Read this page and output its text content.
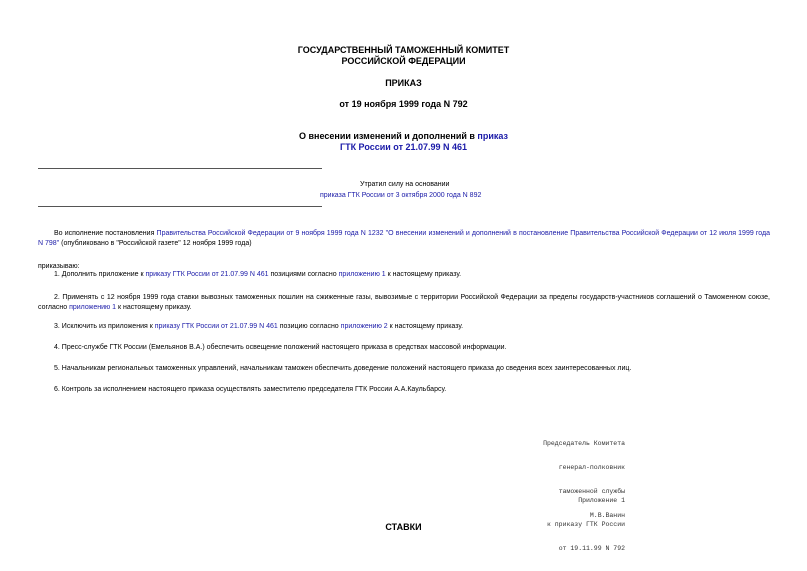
ГОСУДАРСТВЕННЫЙ ТАМОЖЕННЫЙ КОМИТЕТ
РОССИЙСКОЙ ФЕДЕРАЦИИ
ПРИКАЗ
от 19 ноября 1999 года N 792
О внесении изменений и дополнений в приказ
ГТК России от 21.07.99 N 461
Утратил силу на основании
приказа ГТК России от 3 октября 2000 года N 892
Во исполнение постановления Правительства Российской Федерации от 9 ноября 1999 года N 1232 "О внесении изменений и дополнений в постановление Правительства Российской Федерации от 12 июля 1999 года N 798" (опубликовано в "Российской газете" 12 ноября 1999 года)
приказываю:
1. Дополнить приложение к приказу ГТК России от 21.07.99 N 461 позициями согласно приложению 1 к настоящему приказу.
2. Применять с 12 ноября 1999 года ставки вывозных таможенных пошлин на сжиженные газы, вывозимые с территории Российской Федерации за пределы государств-участников соглашений о Таможенном союзе, согласно приложению 1 к настоящему приказу.
3. Исключить из приложения к приказу ГТК России от 21.07.99 N 461 позицию согласно приложению 2 к настоящему приказу.
4. Пресс-службе ГТК России (Емельянов В.А.) обеспечить освещение положений настоящего приказа в средствах массовой информации.
5. Начальникам региональных таможенных управлений, начальникам таможен обеспечить доведение положений настоящего приказа до сведения всех заинтересованных лиц.
6. Контроль за исполнением настоящего приказа осуществлять заместителю председателя ГТК России А.А.Каульбарсу.

Председатель Комитета

генерал-полковник

таможенной службы

М.В.Ванин

Приложение 1

к приказу ГТК России

от 19.11.99 N 792

СТАВКИ
